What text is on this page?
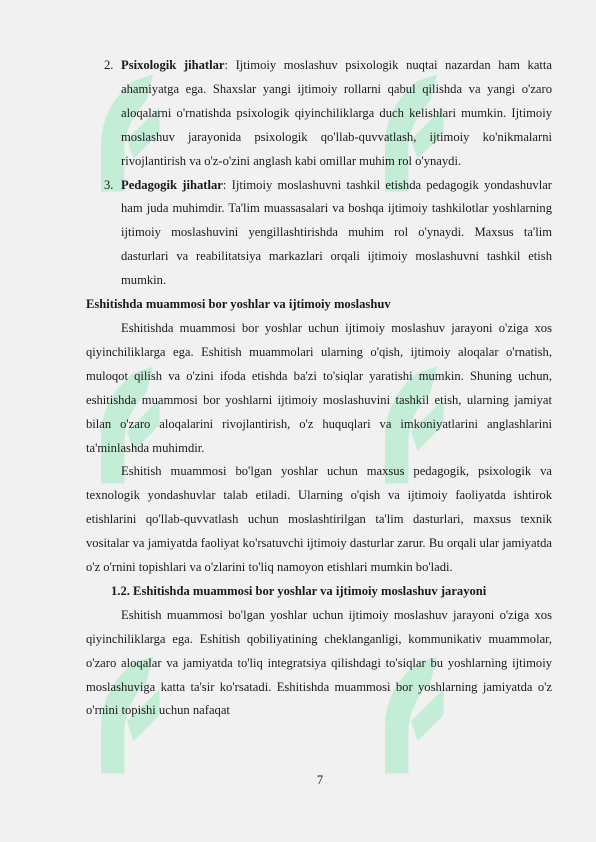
2. Psixologik jihatlar: Ijtimoiy moslashuv psixologik nuqtai nazardan ham katta ahamiyatga ega. Shaxslar yangi ijtimoiy rollarni qabul qilishda va yangi o'zaro aloqalarni o'rnatishda psixologik qiyinchiliklarga duch kelishlari mumkin. Ijtimoiy moslashuv jarayonida psixologik qo'llab-quvvatlash, ijtimoiy ko'nikmalarni rivojlantirish va o'z-o'zini anglash kabi omillar muhim rol o'ynaydi.
3. Pedagogik jihatlar: Ijtimoiy moslashuvni tashkil etishda pedagogik yondashuvlar ham juda muhimdir. Ta'lim muassasalari va boshqa ijtimoiy tashkilotlar yoshlarning ijtimoiy moslashuvini yengillashtirishda muhim rol o'ynaydi. Maxsus ta'lim dasturlari va reabilitatsiya markazlari orqali ijtimoiy moslashuvni tashkil etish mumkin.
Eshitishda muammosi bor yoshlar va ijtimoiy moslashuv
Eshitishda muammosi bor yoshlar uchun ijtimoiy moslashuv jarayoni o'ziga xos qiyinchiliklarga ega. Eshitish muammolari ularning o'qish, ijtimoiy aloqalar o'rnatish, muloqot qilish va o'zini ifoda etishda ba'zi to'siqlar yaratishi mumkin. Shuning uchun, eshitishda muammosi bor yoshlarni ijtimoiy moslashuvini tashkil etish, ularning jamiyat bilan o'zaro aloqalarini rivojlantirish, o'z huquqlari va imkoniyatlarini anglashlarini ta'minlashda muhimdir.
Eshitish muammosi bo'lgan yoshlar uchun maxsus pedagogik, psixologik va texnologik yondashuvlar talab etiladi. Ularning o'qish va ijtimoiy faoliyatda ishtirok etishlarini qo'llab-quvvatlash uchun moslashtirilgan ta'lim dasturlari, maxsus texnik vositalar va jamiyatda faoliyat ko'rsatuvchi ijtimoiy dasturlar zarur. Bu orqali ular jamiyatda o'z o'rnini topishlari va o'zlarini to'liq namoyon etishlari mumkin bo'ladi.
1.2. Eshitishda muammosi bor yoshlar va ijtimoiy moslashuv jarayoni
Eshitish muammosi bo'lgan yoshlar uchun ijtimoiy moslashuv jarayoni o'ziga xos qiyinchiliklarga ega. Eshitish qobiliyatining cheklanganligi, kommunikativ muammolar, o'zaro aloqalar va jamiyatda to'liq integratsiya qilishdagi to'siqlar bu yoshlarning ijtimoiy moslashuviga katta ta'sir ko'rsatadi. Eshitishda muammosi bor yoshlarning jamiyatda o'z o'rnini topishi uchun nafaqat
7
